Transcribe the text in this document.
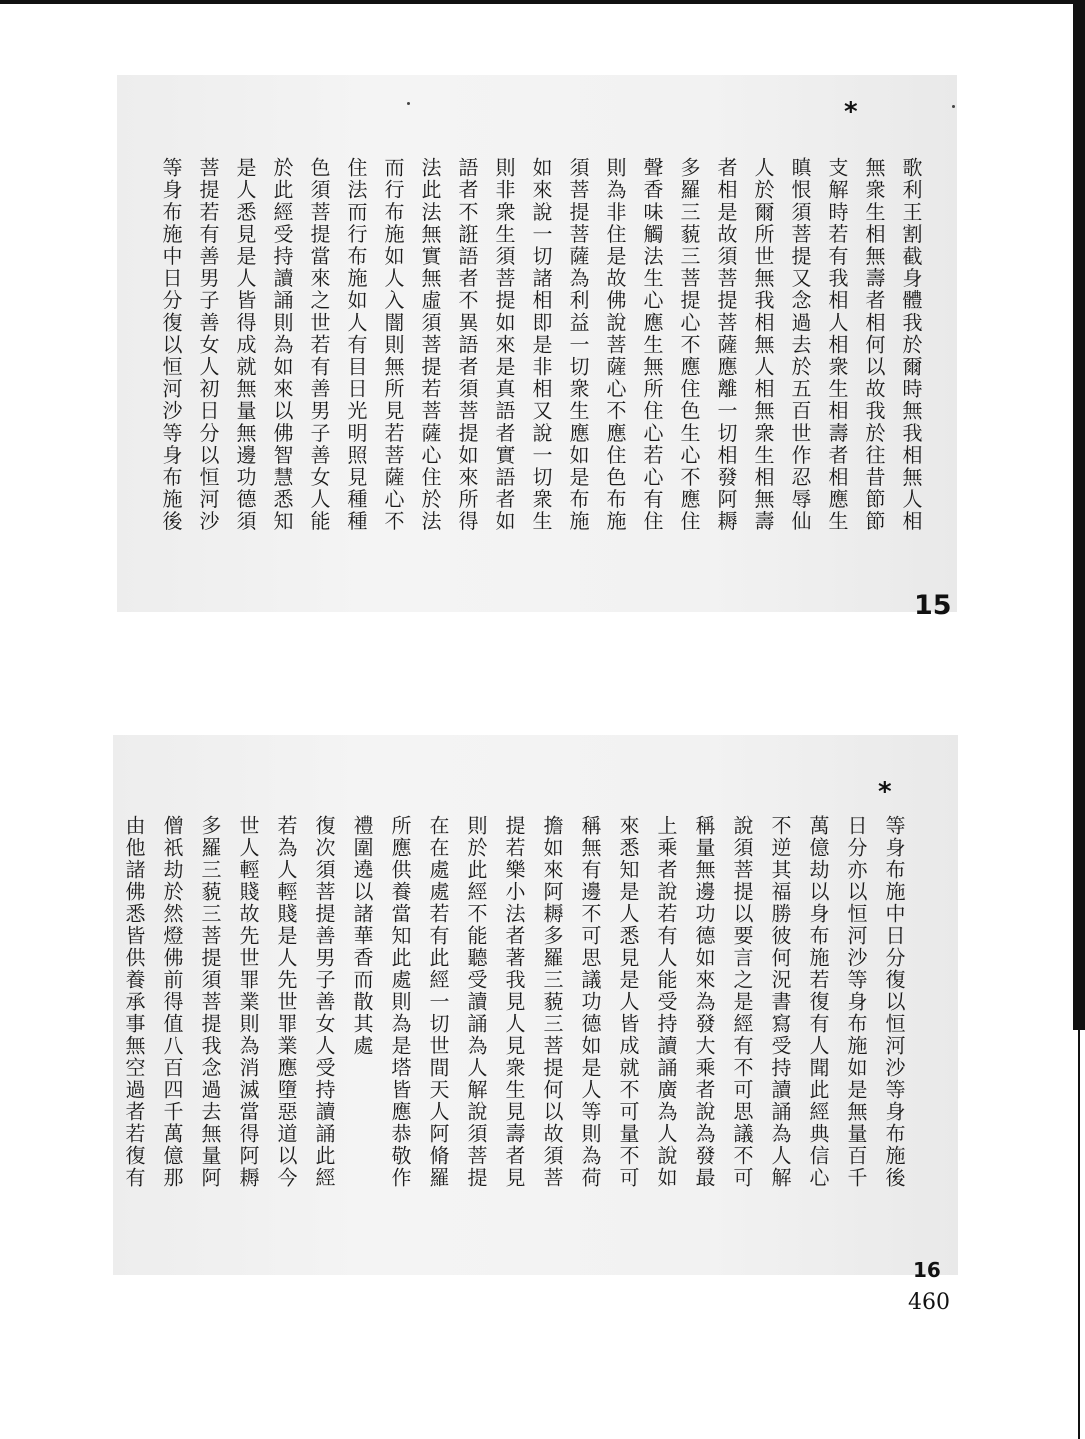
*
歌利王割截身體我於爾時無我相無人相
無衆生相無壽者相何以故我於往昔節節
支解時若有我相人相衆生相壽者相應生
瞋恨須菩提又念過去於五百世作忍辱仙
人於爾所世無我相無人相無衆生相無壽
者相是故須菩提菩薩應離一切相發阿耨
多羅三藐三菩提心不應住色生心不應住
聲香味觸法生心應生無所住心若心有住
則為非住是故佛說菩薩心不應住色布施
須菩提菩薩為利益一切衆生應如是布施
如來說一切諸相即是非相又說一切衆生
則非衆生須菩提如來是真語者實語者如
語者不誑語者不異語者須菩提如來所得
法此法無實無虛須菩提若菩薩心住於法
而行布施如人入闇則無所見若菩薩心不
住法而行布施如人有目日光明照見種種
色須菩提當來之世若有善男子善女人能
於此經受持讀誦則為如來以佛智慧悉知
是人悉見是人皆得成就無量無邊功德須
菩提若有善男子善女人初日分以恒河沙
等身布施中日分復以恒河沙等身布施後
15
*
等身布施中日分復以恒河沙等身布施後
日分亦以恒河沙等身布施如是無量百千
萬億劫以身布施若復有人聞此經典信心
不逆其福勝彼何況書寫受持讀誦為人解
說須菩提以要言之是經有不可思議不可
稱量無邊功德如來為發大乘者說為發最
上乘者說若有人能受持讀誦廣為人說如
來悉知是人悉見是人皆成就不可量不可
稱無有邊不可思議功德如是人等則為荷
擔如來阿耨多羅三藐三菩提何以故須菩
提若樂小法者著我見人見衆生見壽者見
則於此經不能聽受讀誦為人解說須菩提
在在處處若有此經一切世間天人阿脩羅
所應供養當知此處則為是塔皆應恭敬作
禮圍遶以諸華香而散其處
復次須菩提善男子善女人受持讀誦此經
若為人輕賤是人先世罪業應墮惡道以今
世人輕賤故先世罪業則為消滅當得阿耨
多羅三藐三菩提須菩提我念過去無量阿
僧祇劫於然燈佛前得值八百四千萬億那
由他諸佛悉皆供養承事無空過者若復有
16
460
